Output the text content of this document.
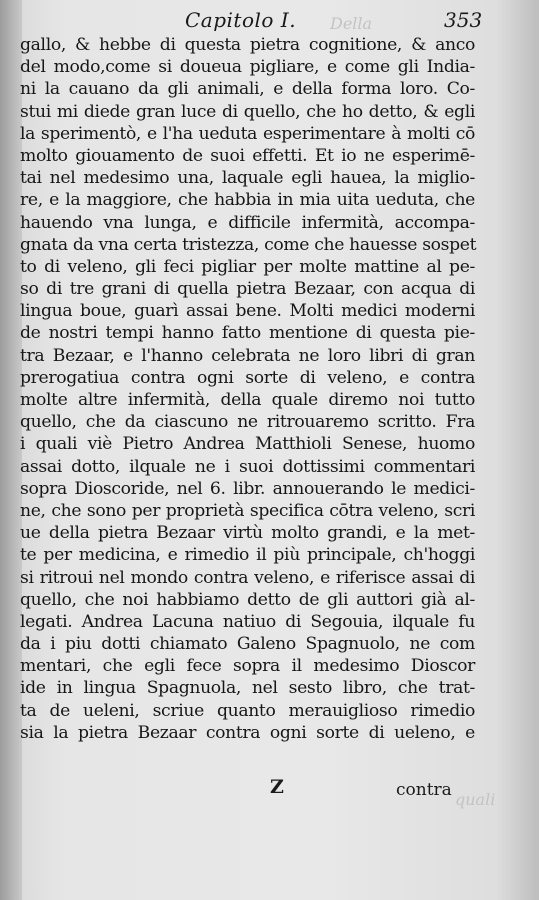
Della
quali
Capitolo I.	353
gallo, & hebbe di questa pietra cognitione, & anco
del modo,come si doueua pigliare, e come gli India-
ni la cauano da gli animali, e della forma loro. Co-
stui mi diede gran luce di quello, che ho detto, & egli
la sperimentò, e l'ha ueduta esperimentare à molti cō
molto giouamento de suoi effetti. Et io ne esperimē-
tai nel medesimo una, laquale egli hauea, la miglio-
re, e la maggiore, che habbia in mia uita ueduta, che
hauendo vna lunga, e difficile infermità, accompa-
gnata da vna certa tristezza, come che hauesse sospet
to di veleno, gli feci pigliar per molte mattine al pe-
so di tre grani di quella pietra Bezaar, con acqua di
lingua boue, guarì assai bene. Molti medici moderni
de nostri tempi hanno fatto mentione di questa pie-
tra Bezaar, e l'hanno celebrata ne loro libri di gran
prerogatiua contra ogni sorte di veleno, e contra
molte altre infermità, della quale diremo noi tutto
quello, che da ciascuno ne ritrouaremo scritto. Fra
i quali viè Pietro Andrea Matthioli Senese, huomo
assai dotto, ilquale ne i suoi dottissimi commentari
sopra Dioscoride, nel 6. libr. annouerando le medici-
ne, che sono per proprietà specifica cōtra veleno, scri
ue della pietra Bezaar virtù molto grandi, e la met-
te per medicina, e rimedio il più principale, ch'hoggi
si ritroui nel mondo contra veleno, e riferisce assai di
quello, che noi habbiamo detto de gli auttori già al-
legati. Andrea Lacuna natiuo di Segouia, ilquale fu
da i piu dotti chiamato Galeno Spagnuolo, ne com
mentari, che egli fece sopra il medesimo Dioscor
ide in lingua Spagnuola, nel sesto libro, che trat-
ta de ueleni, scriue quanto merauiglioso rimedio
sia la pietra Bezaar contra ogni sorte di ueleno, e
Z	contra
